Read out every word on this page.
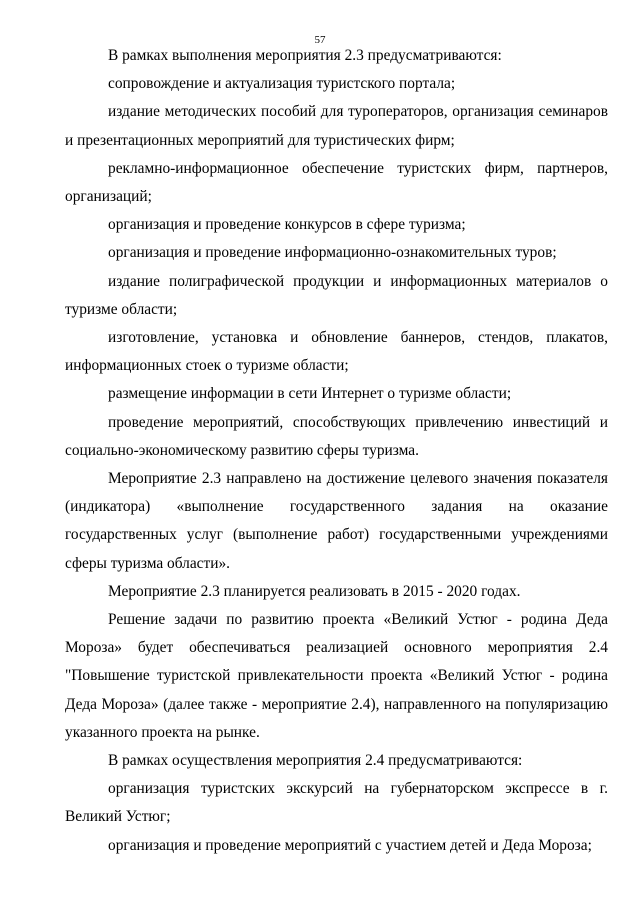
57

В рамках выполнения мероприятия 2.3 предусматриваются:

сопровождение и актуализация туристского портала;

издание методических пособий для туроператоров, организация семинаров и презентационных мероприятий для туристических фирм;

рекламно-информационное обеспечение туристских фирм, партнеров, организаций;

организация и проведение конкурсов в сфере туризма;

организация и проведение информационно-ознакомительных туров;

издание полиграфической продукции и информационных материалов о туризме области;

изготовление, установка и обновление баннеров, стендов, плакатов, информационных стоек о туризме области;

размещение информации в сети Интернет о туризме области;

проведение мероприятий, способствующих привлечению инвестиций и социально-экономическому развитию сферы туризма.

Мероприятие 2.3 направлено на достижение целевого значения показателя (индикатора) «выполнение государственного задания на оказание государственных услуг (выполнение работ) государственными учреждениями сферы туризма области».

Мероприятие 2.3 планируется реализовать в 2015 - 2020 годах.

Решение задачи по развитию проекта «Великий Устюг - родина Деда Мороза» будет обеспечиваться реализацией основного мероприятия 2.4 "Повышение туристской привлекательности проекта «Великий Устюг - родина Деда Мороза» (далее также - мероприятие 2.4), направленного на популяризацию указанного проекта на рынке.

В рамках осуществления мероприятия 2.4 предусматриваются:

организация туристских экскурсий на губернаторском экспрессе в г. Великий Устюг;

организация и проведение мероприятий с участием детей и Деда Мороза;
